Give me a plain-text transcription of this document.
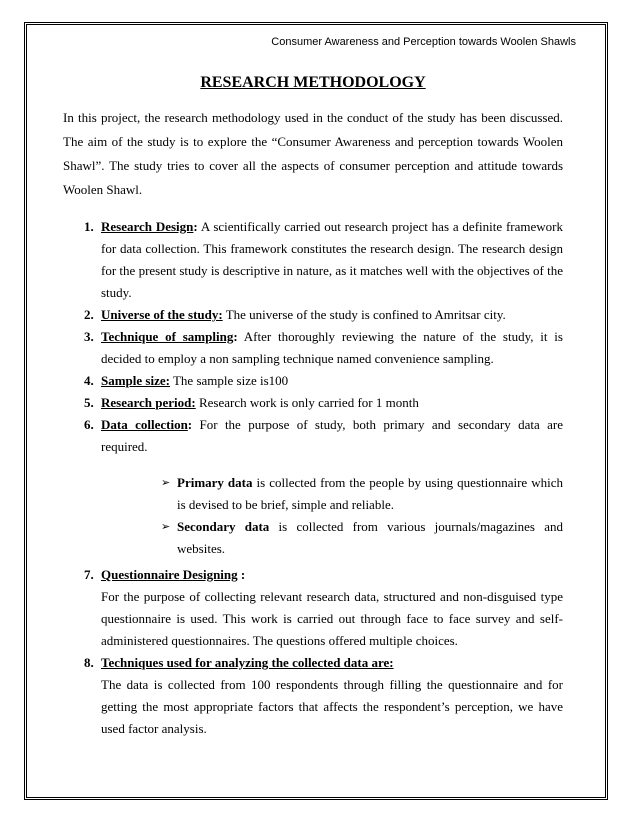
Consumer Awareness and Perception towards Woolen Shawls
RESEARCH METHODOLOGY

In this project, the research methodology used in the conduct of the study has been discussed. The aim of the study is to explore the “Consumer Awareness and perception towards Woolen Shawl”. The study tries to cover all the aspects of consumer perception and attitude towards Woolen Shawl.

1. Research Design: A scientifically carried out research project has a definite framework for data collection. This framework constitutes the research design. The research design for the present study is descriptive in nature, as it matches well with the objectives of the study.
2. Universe of the study: The universe of the study is confined to Amritsar city.
3. Technique of sampling: After thoroughly reviewing the nature of the study, it is decided to employ a non sampling technique named convenience sampling.
4. Sample size: The sample size is100
5. Research period: Research work is only carried for 1 month
6. Data collection: For the purpose of study, both primary and secondary data are required.
➢ Primary data is collected from the people by using questionnaire which is devised to be brief, simple and reliable.
➢ Secondary data is collected from various journals/magazines and websites.
7. Questionnaire Designing :

For the purpose of collecting relevant research data, structured and non-disguised type questionnaire is used. This work is carried out through face to face survey and self-administered questionnaires. The questions offered multiple choices.

8. Techniques used for analyzing the collected data are:

The data is collected from 100 respondents through filling the questionnaire and for getting the most appropriate factors that affects the respondent’s perception, we have used factor analysis.
